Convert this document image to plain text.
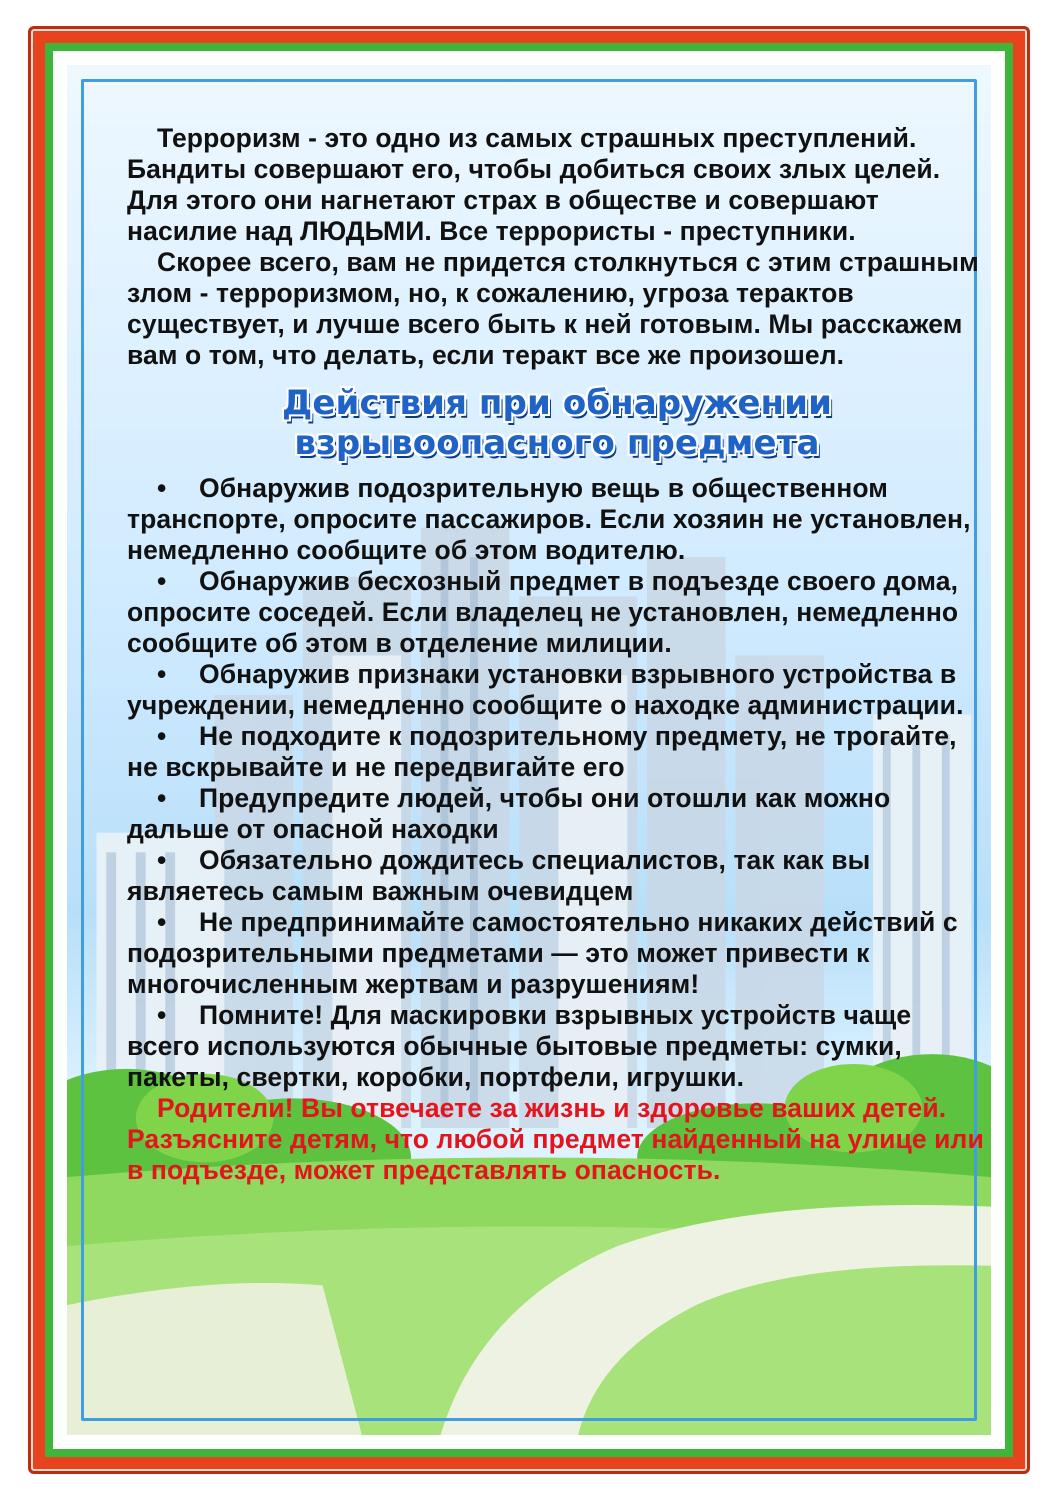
Терроризм - это одно из самых страшных преступлений. Бандиты совершают его, чтобы добиться своих злых целей. Для этого они нагнетают страх в обществе и совершают насилие над ЛЮДЬМИ. Все террористы - преступники.

Скорее всего, вам не придется столкнуться с этим страшным злом - терроризмом, но, к сожалению, угроза терактов существует, и лучше всего быть к ней готовым. Мы расскажем вам о том, что делать, если теракт все же произошел.

Действия при обнаружении
взрывоопасного предмета
• Обнаружив подозрительную вещь в общественном транспорте, опросите пассажиров. Если хозяин не установлен, немедленно сообщите об этом водителю.
• Обнаружив бесхозный предмет в подъезде своего дома, опросите соседей. Если владелец не установлен, немедленно сообщите об этом в отделение милиции.
• Обнаружив признаки установки взрывного устройства в учреждении, немедленно сообщите о находке администрации.
• Не подходите к подозрительному предмету, не трогайте, не вскрывайте и не передвигайте его
• Предупредите людей, чтобы они отошли как можно дальше от опасной находки
• Обязательно дождитесь специалистов, так как вы являетесь самым важным очевидцем
• Не предпринимайте самостоятельно никаких действий с подозрительными предметами — это может привести к многочисленным жертвам и разрушениям!
• Помните! Для маскировки взрывных устройств чаще всего используются обычные бытовые предметы: сумки, пакеты, свертки, коробки, портфели, игрушки.

Родители! Вы отвечаете за жизнь и здоровье ваших детей. Разъясните детям, что любой предмет найденный на улице или в подъезде, может представлять опасность.
